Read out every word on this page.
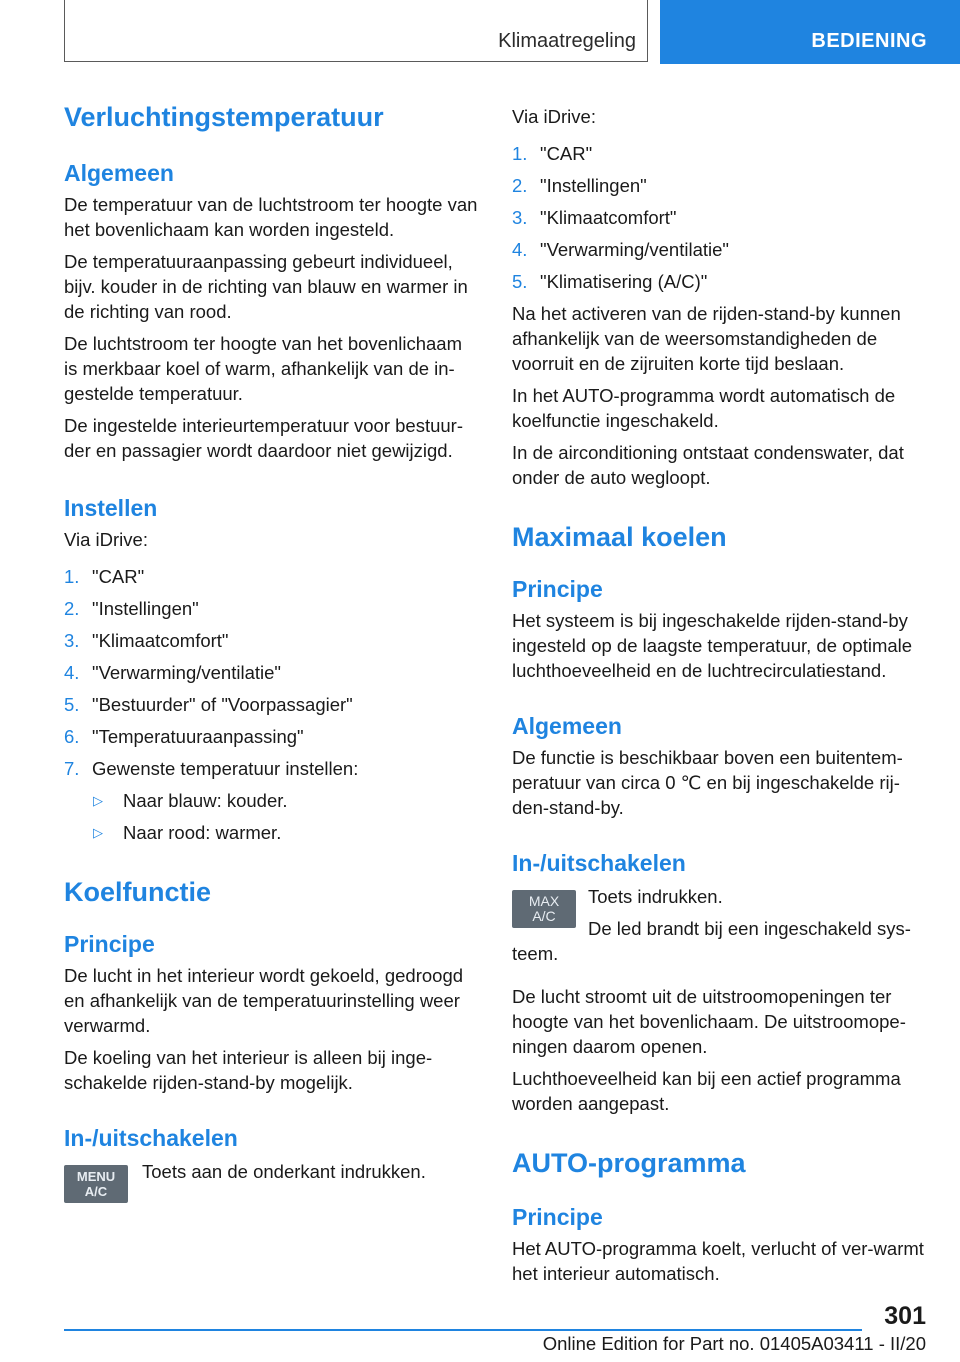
Klimaatregeling	BEDIENING
Verluchtingstemperatuur
Algemeen

De temperatuur van de luchtstroom ter hoogte van het bovenlichaam kan worden ingesteld.

De temperatuuraanpassing gebeurt individueel, bijv. kouder in de richting van blauw en warmer in de richting van rood.

De luchtstroom ter hoogte van het bovenlichaam is merkbaar koel of warm, afhankelijk van de in-gestelde temperatuur.

De ingestelde interieurtemperatuur voor bestuur-der en passagier wordt daardoor niet gewijzigd.

Instellen

Via iDrive:

1. "CAR"
2. "Instellingen"
3. "Klimaatcomfort"
4. "Verwarming/ventilatie"
5. "Bestuurder" of "Voorpassagier"
6. "Temperatuuraanpassing"
7. Gewenste temperatuur instellen:
▷ Naar blauw: kouder.
▷ Naar rood: warmer.
Koelfunctie
Principe

De lucht in het interieur wordt gekoeld, gedroogd en afhankelijk van de temperatuurinstelling weer verwarmd.

De koeling van het interieur is alleen bij inge-schakelde rijden-stand-by mogelijk.

In-/uitschakelen
MENU
A/C

Toets aan de onderkant indrukken.

Via iDrive:

1. "CAR"
2. "Instellingen"
3. "Klimaatcomfort"
4. "Verwarming/ventilatie"
5. "Klimatisering (A/C)"

Na het activeren van de rijden-stand-by kunnen afhankelijk van de weersomstandigheden de voorruit en de zijruiten korte tijd beslaan.

In het AUTO-programma wordt automatisch de koelfunctie ingeschakeld.

In de airconditioning ontstaat condenswater, dat onder de auto wegloopt.

Maximaal koelen
Principe

Het systeem is bij ingeschakelde rijden-stand-by ingesteld op de laagste temperatuur, de optimale luchthoeveelheid en de luchtrecirculatiestand.

Algemeen

De functie is beschikbaar boven een buitentem-peratuur van circa 0 ℃ en bij ingeschakelde rij-den-stand-by.

In-/uitschakelen
MAX
A/C

Toets indrukken.

De led brandt bij een ingeschakeld sys-

teem.

De lucht stroomt uit de uitstroomopeningen ter hoogte van het bovenlichaam. De uitstroomope-ningen daarom openen.

Luchthoeveelheid kan bij een actief programma worden aangepast.

AUTO-programma
Principe

Het AUTO-programma koelt, verlucht of ver-warmt het interieur automatisch.

301
Online Edition for Part no. 01405A03411 - II/20
